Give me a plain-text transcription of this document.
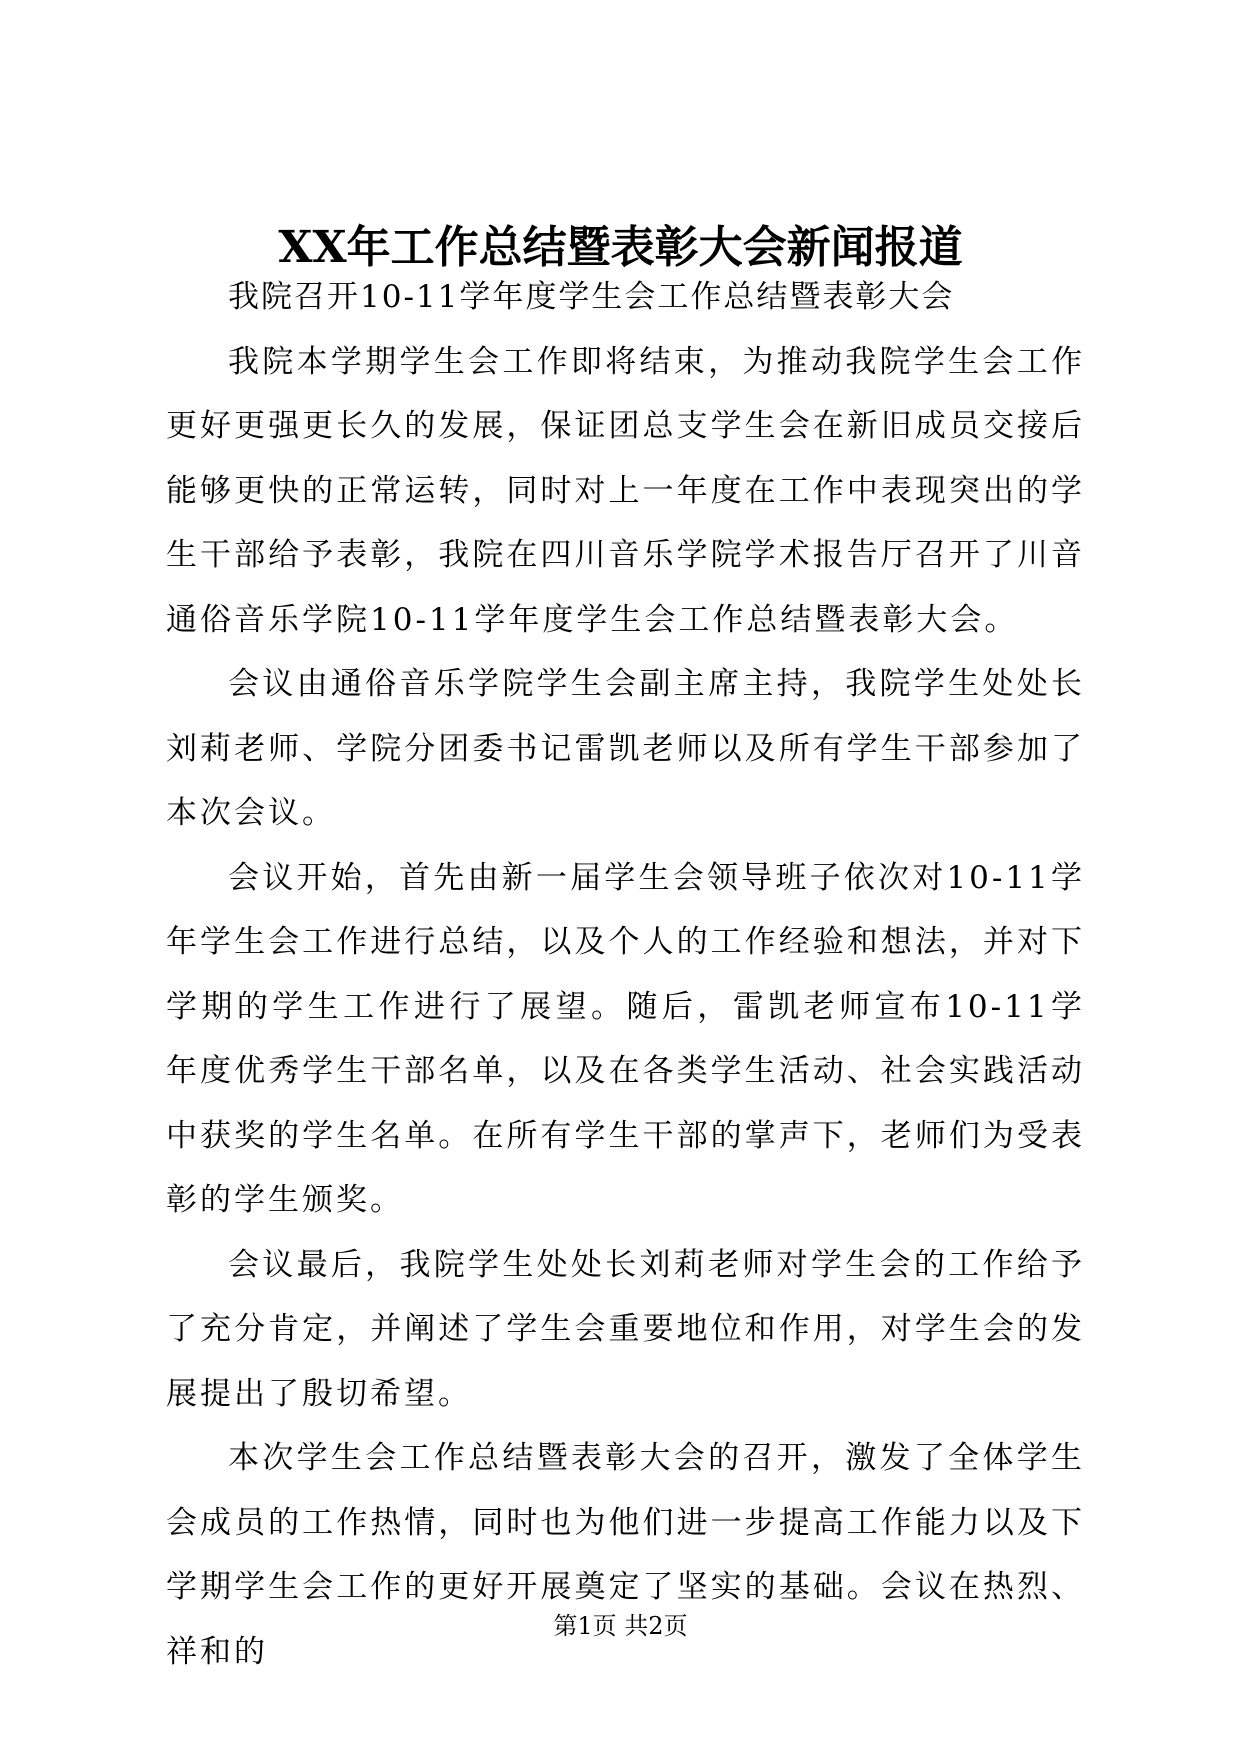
XX年工作总结暨表彰大会新闻报道

我院召开10-11学年度学生会工作总结暨表彰大会

我院本学期学生会工作即将结束，为推动我院学生会工作更好更强更长久的发展，保证团总支学生会在新旧成员交接后能够更快的正常运转，同时对上一年度在工作中表现突出的学生干部给予表彰，我院在四川音乐学院学术报告厅召开了川音通俗音乐学院10-11学年度学生会工作总结暨表彰大会。

会议由通俗音乐学院学生会副主席主持，我院学生处处长刘莉老师、学院分团委书记雷凯老师以及所有学生干部参加了本次会议。

会议开始，首先由新一届学生会领导班子依次对10-11学年学生会工作进行总结，以及个人的工作经验和想法，并对下学期的学生工作进行了展望。随后，雷凯老师宣布10-11学年度优秀学生干部名单，以及在各类学生活动、社会实践活动中获奖的学生名单。在所有学生干部的掌声下，老师们为受表彰的学生颁奖。

会议最后，我院学生处处长刘莉老师对学生会的工作给予了充分肯定，并阐述了学生会重要地位和作用，对学生会的发展提出了殷切希望。

本次学生会工作总结暨表彰大会的召开，激发了全体学生会成员的工作热情，同时也为他们进一步提高工作能力以及下学期学生会工作的更好开展奠定了坚实的基础。会议在热烈、祥和的

第1页 共2页
